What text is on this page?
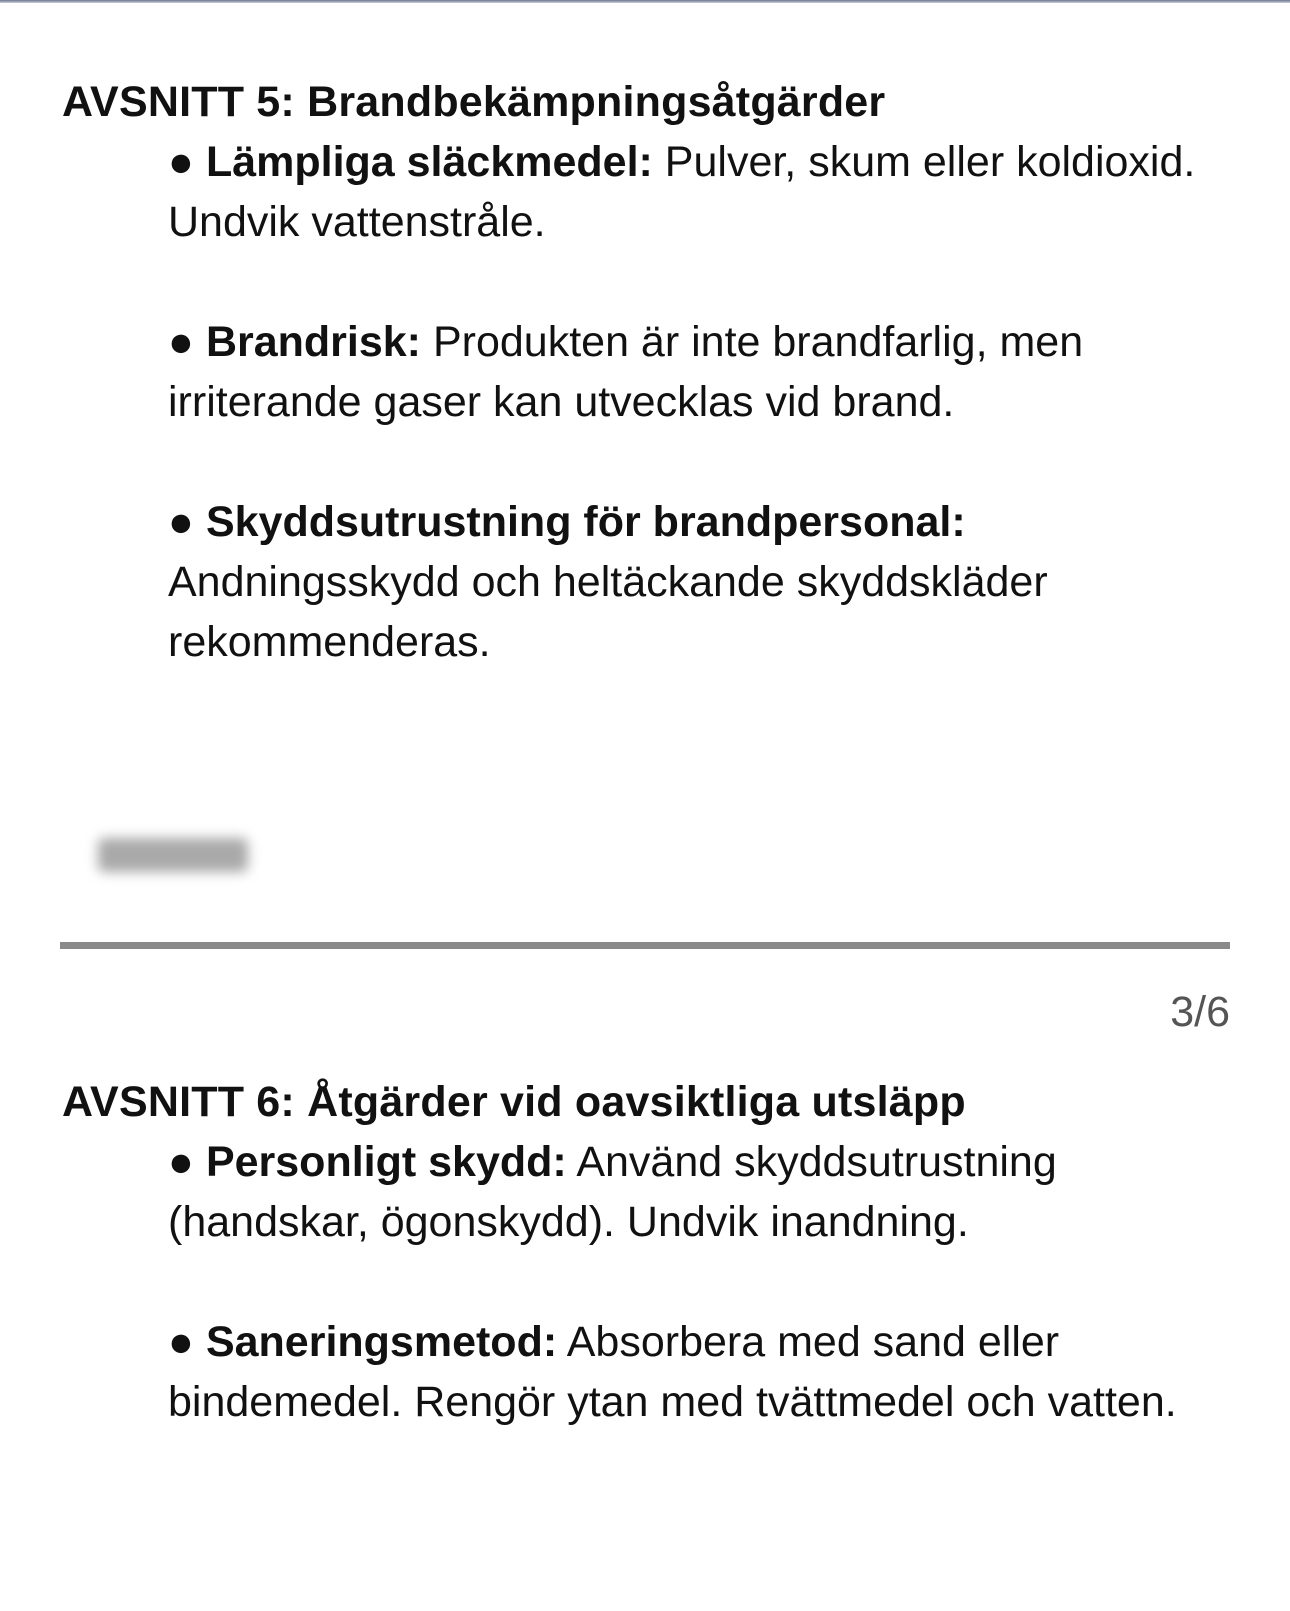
AVSNITT 5: Brandbekämpningsåtgärder
● Lämpliga släckmedel: Pulver, skum eller koldioxid. Undvik vattenstråle.
● Brandrisk: Produkten är inte brandfarlig, men irriterande gaser kan utvecklas vid brand.
● Skyddsutrustning för brandpersonal: Andningsskydd och heltäckande skyddskläder rekommenderas.
3/6
AVSNITT 6: Åtgärder vid oavsiktliga utsläpp
● Personligt skydd: Använd skyddsutrustning (handskar, ögonskydd). Undvik inandning.
● Saneringsmetod: Absorbera med sand eller bindemedel. Rengör ytan med tvättmedel och vatten.
